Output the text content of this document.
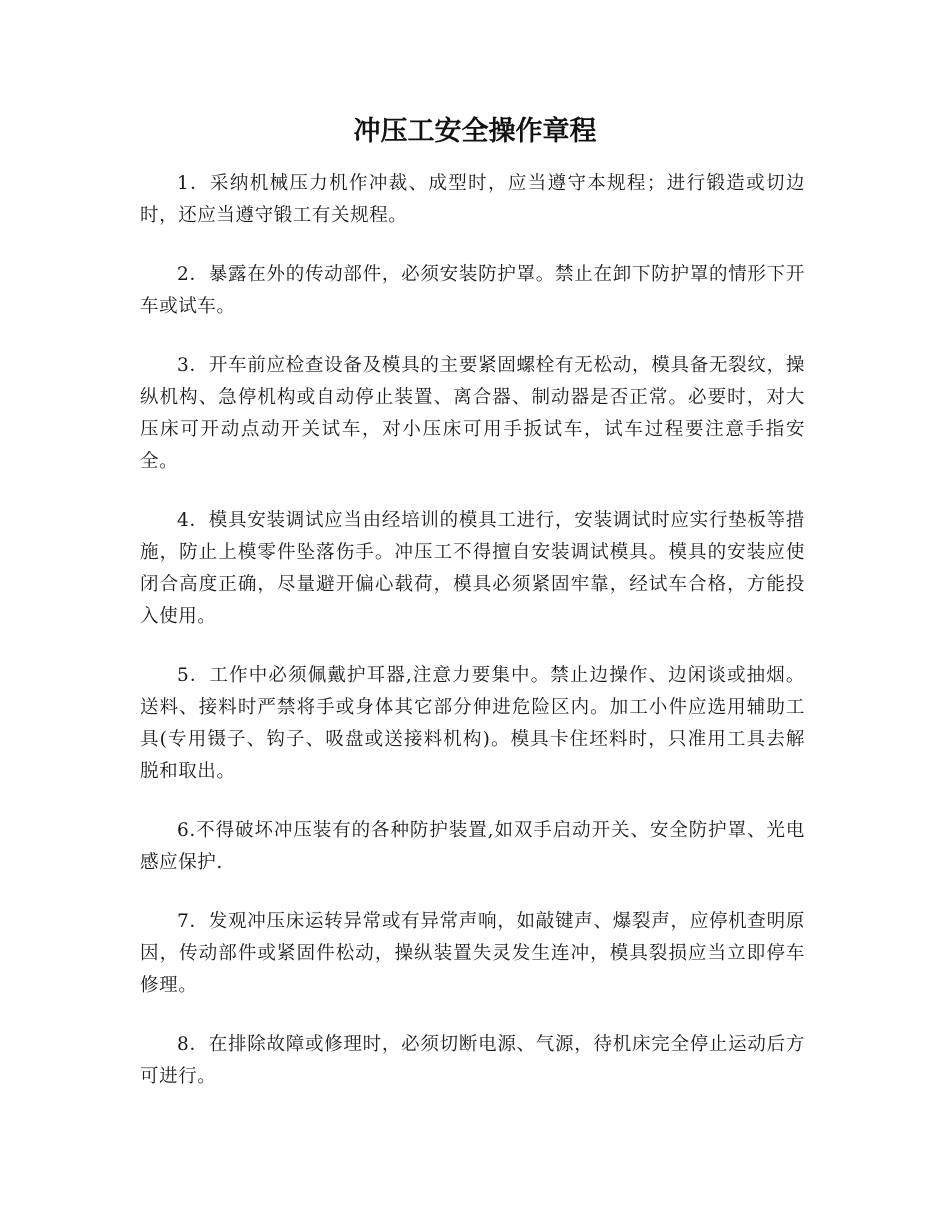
冲压工安全操作章程

1．采纳机械压力机作冲裁、成型时，应当遵守本规程；进行锻造或切边时，还应当遵守锻工有关规程。

2．暴露在外的传动部件，必须安装防护罩。禁止在卸下防护罩的情形下开车或试车。

3．开车前应检查设备及模具的主要紧固螺栓有无松动，模具备无裂纹，操纵机构、急停机构或自动停止装置、离合器、制动器是否正常。必要时，对大压床可开动点动开关试车，对小压床可用手扳试车，试车过程要注意手指安全。

4．模具安装调试应当由经培训的模具工进行，安装调试时应实行垫板等措施，防止上模零件坠落伤手。冲压工不得擅自安装调试模具。模具的安装应使闭合高度正确，尽量避开偏心载荷，模具必须紧固牢靠，经试车合格，方能投入使用。

5．工作中必须佩戴护耳器,注意力要集中。禁止边操作、边闲谈或抽烟。送料、接料时严禁将手或身体其它部分伸进危险区内。加工小件应选用辅助工具(专用镊子、钩子、吸盘或送接料机构)。模具卡住坯料时，只准用工具去解脱和取出。

6.不得破坏冲压装有的各种防护装置,如双手启动开关、安全防护罩、光电感应保护.

7．发观冲压床运转异常或有异常声响，如敲键声、爆裂声，应停机查明原因，传动部件或紧固件松动，操纵装置失灵发生连冲，模具裂损应当立即停车修理。

8．在排除故障或修理时，必须切断电源、气源，待机床完全停止运动后方可进行。
